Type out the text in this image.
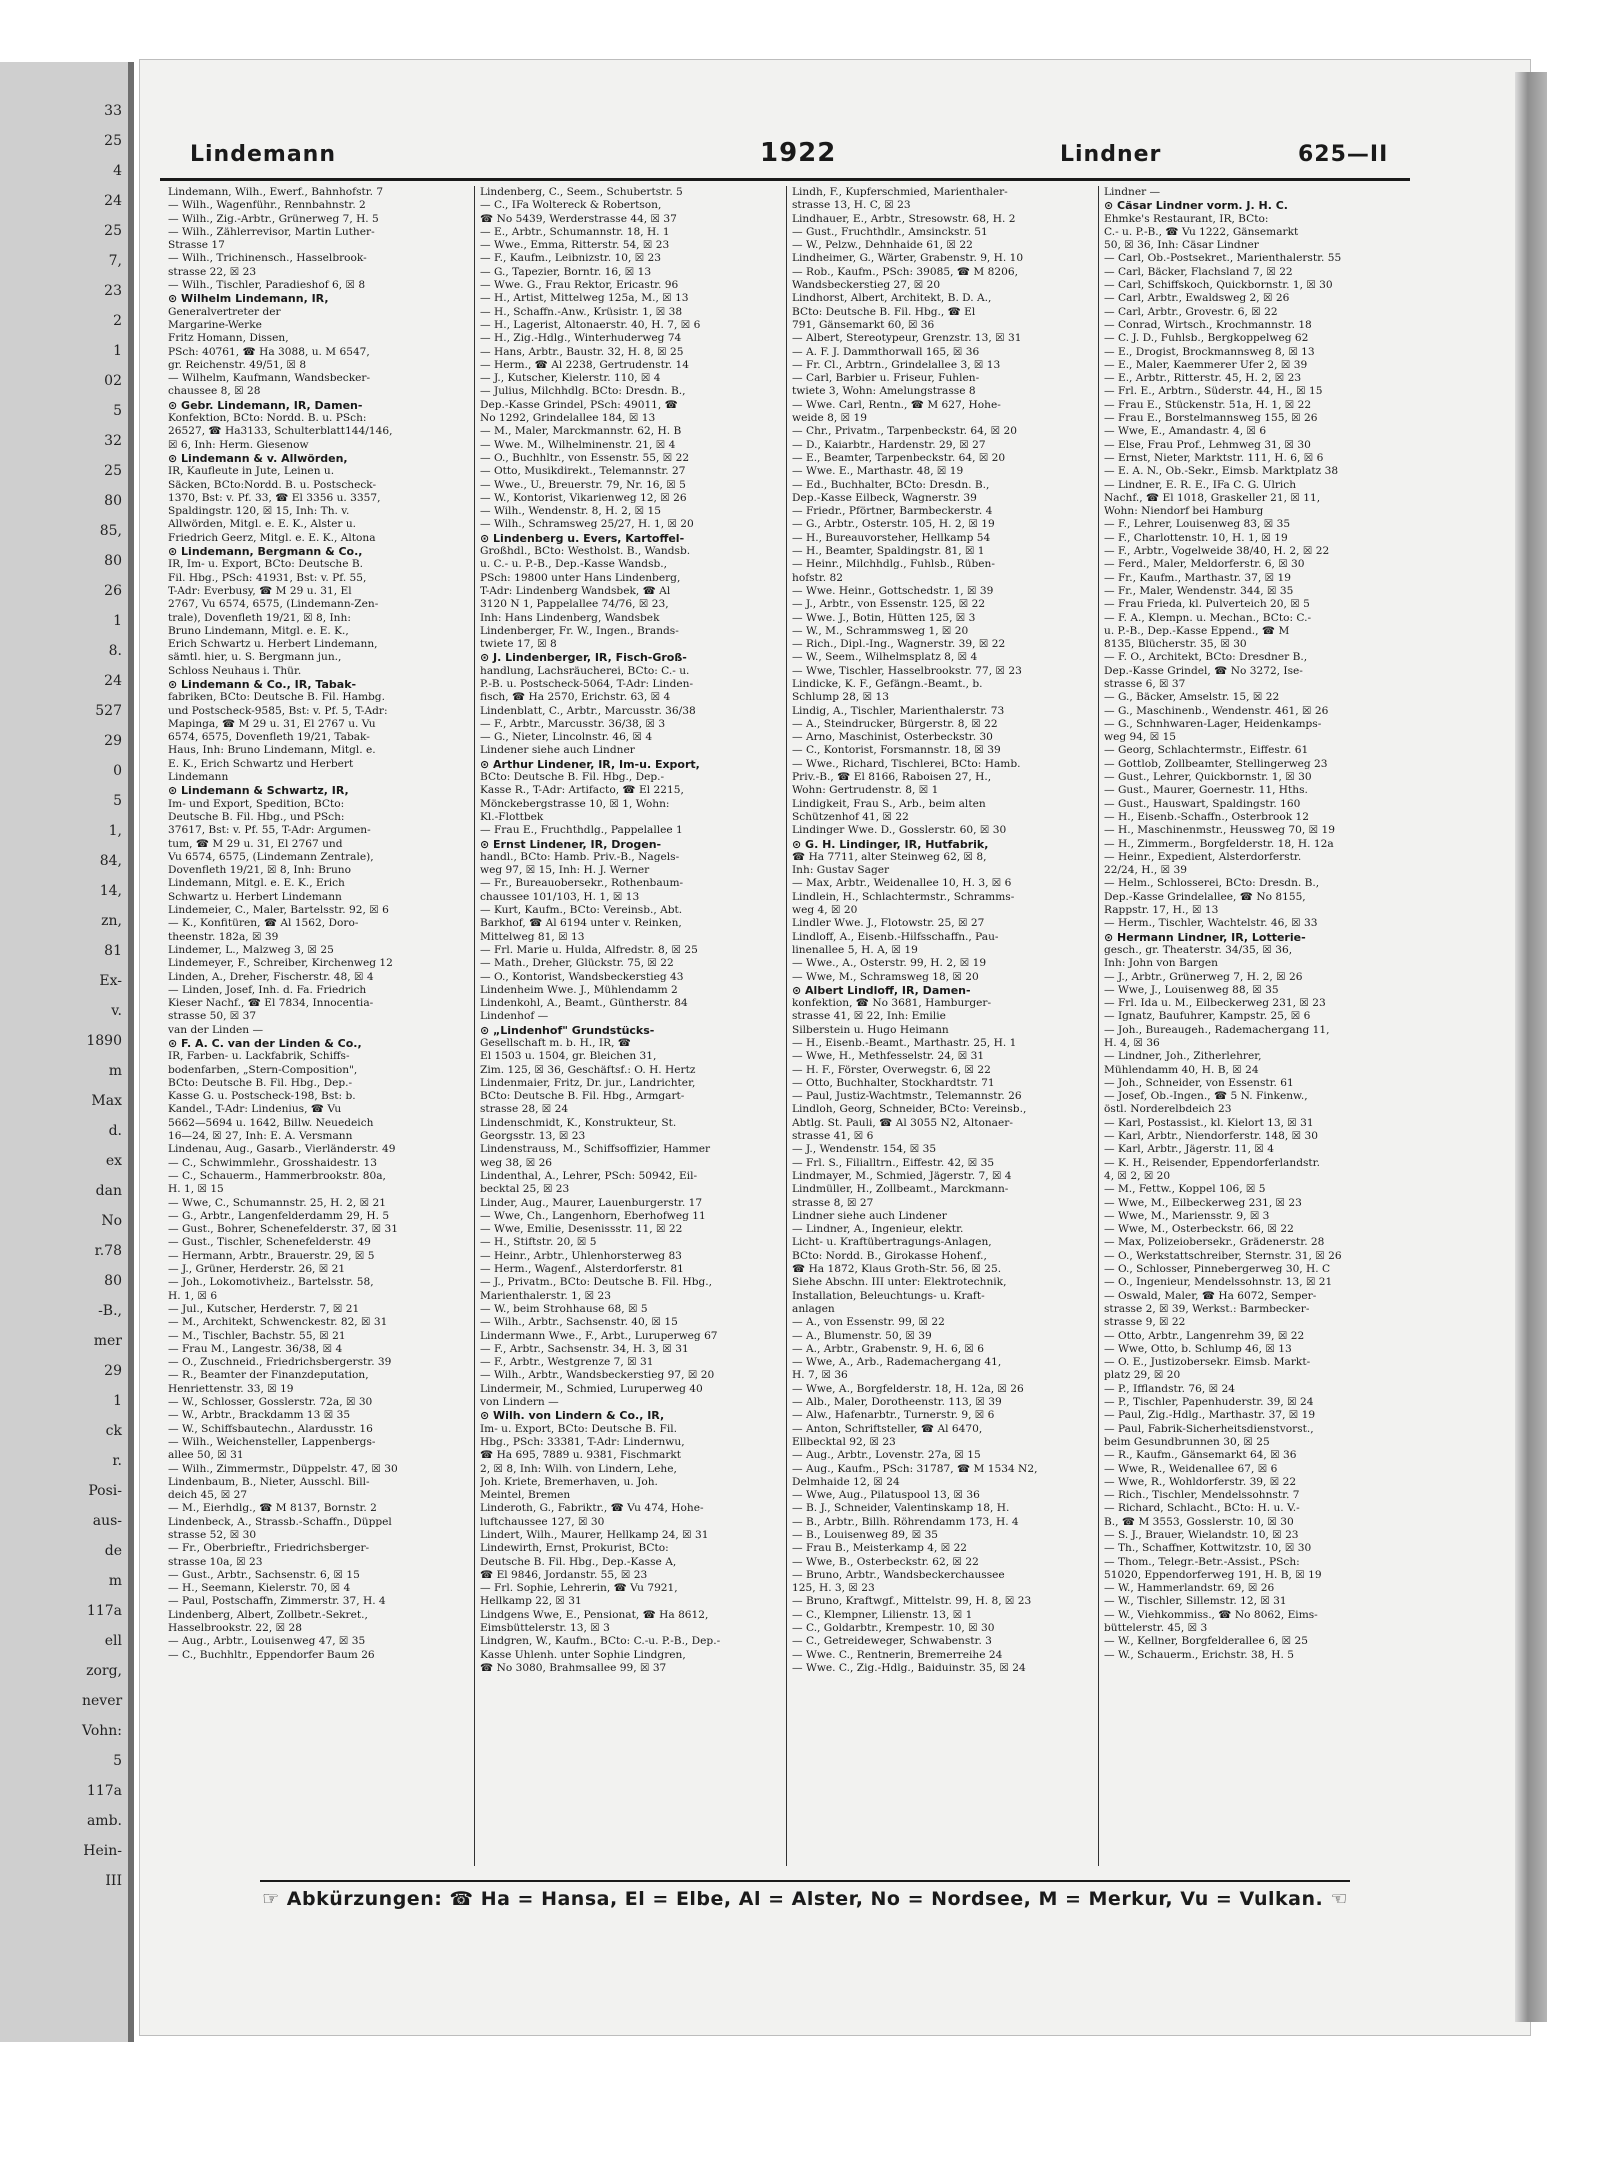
33
25
4
24
25
7,
23
2
1
02
5
32
25
80
85,
80
26
1
8.
24
527
29
0
5
1,
84,
14,
zn,
81
Ex-
v.
1890
m
Max
d.
ex
dan
No
r.78
80
-B.,
mer
29
1
ck
r.
Posi-
aus-
de
m
117a
ell
zorg,
never
Vohn:
5
117a
amb.
Hein-
III
Lindemann	1922	Lindner	625—II
Lindemann, Wilh., Ewerf., Bahnhofstr. 7
— Wilh., Wagenführ., Rennbahnstr. 2
— Wilh., Zig.-Arbtr., Grünerweg 7, H. 5
— Wilh., Zählerrevisor, Martin Luther-
Strasse 17
— Wilh., Trichinensch., Hasselbrook-
strasse 22, ☒ 23
— Wilh., Tischler, Paradieshof 6, ☒ 8
⊙ Wilhelm Lindemann, IR,
Generalvertreter der
Margarine-Werke
Fritz Homann, Dissen,
PSch: 40761, ☎ Ha 3088, u. M 6547,
gr. Reichenstr. 49/51, ☒ 8
— Wilhelm, Kaufmann, Wandsbecker-
chaussee 8, ☒ 28
⊙ Gebr. Lindemann, IR, Damen-
Konfektion, BCto: Nordd. B. u. PSch:
26527, ☎ Ha3133, Schulterblatt144/146,
☒ 6, Inh: Herm. Giesenow
⊙ Lindemann & v. Allwörden,
IR, Kaufleute in Jute, Leinen u.
Säcken, BCto:Nordd. B. u. Postscheck-
1370, Bst: v. Pf. 33, ☎ El 3356 u. 3357,
Spaldingstr. 120, ☒ 15, Inh: Th. v.
Allwörden, Mitgl. e. E. K., Alster u.
Friedrich Geerz, Mitgl. e. E. K., Altona
⊙ Lindemann, Bergmann & Co.,
IR, Im- u. Export, BCto: Deutsche B.
Fil. Hbg., PSch: 41931, Bst: v. Pf. 55,
T-Adr: Everbusy, ☎ M 29 u. 31, El
2767, Vu 6574, 6575, (Lindemann-Zen-
trale), Dovenfleth 19/21, ☒ 8, Inh:
Bruno Lindemann, Mitgl. e. E. K.,
Erich Schwartz u. Herbert Lindemann,
sämtl. hier, u. S. Bergmann jun.,
Schloss Neuhaus i. Thür.
⊙ Lindemann & Co., IR, Tabak-
fabriken, BCto: Deutsche B. Fil. Hambg.
und Postscheck-9585, Bst: v. Pf. 5, T-Adr:
Mapinga, ☎ M 29 u. 31, El 2767 u. Vu
6574, 6575, Dovenfleth 19/21, Tabak-
Haus, Inh: Bruno Lindemann, Mitgl. e.
E. K., Erich Schwartz und Herbert
Lindemann
⊙ Lindemann & Schwartz, IR,
Im- und Export, Spedition, BCto:
Deutsche B. Fil. Hbg., und PSch:
37617, Bst: v. Pf. 55, T-Adr: Argumen-
tum, ☎ M 29 u. 31, El 2767 und
Vu 6574, 6575, (Lindemann Zentrale),
Dovenfleth 19/21, ☒ 8, Inh: Bruno
Lindemann, Mitgl. e. E. K., Erich
Schwartz u. Herbert Lindemann
Lindemeier, C., Maler, Bartelsstr. 92, ☒ 6
— K., Konfitüren, ☎ Al 1562, Doro-
theenstr. 182a, ☒ 39
Lindemer, L., Malzweg 3, ☒ 25
Lindemeyer, F., Schreiber, Kirchenweg 12
Linden, A., Dreher, Fischerstr. 48, ☒ 4
— Linden, Josef, Inh. d. Fa. Friedrich
Kieser Nachf., ☎ El 7834, Innocentia-
strasse 50, ☒ 37
van der Linden —
⊙ F. A. C. van der Linden & Co.,
IR, Farben- u. Lackfabrik, Schiffs-
bodenfarben, „Stern-Composition",
BCto: Deutsche B. Fil. Hbg., Dep.-
Kasse G. u. Postscheck-198, Bst: b.
Kandel., T-Adr: Lindenius, ☎ Vu
5662—5694 u. 1642, Billw. Neuedeich
16—24, ☒ 27, Inh: E. A. Versmann
Lindenau, Aug., Gasarb., Vierländerstr. 49
— C., Schwimmlehr., Grosshaidestr. 13
— C., Schauerm., Hammerbrookstr. 80a,
H. 1, ☒ 15
— Wwe, C., Schumannstr. 25, H. 2, ☒ 21
— G., Arbtr., Langenfelderdamm 29, H. 5
— Gust., Bohrer, Schenefelderstr. 37, ☒ 31
— Gust., Tischler, Schenefelderstr. 49
— Hermann, Arbtr., Brauerstr. 29, ☒ 5
— J., Grüner, Herderstr. 26, ☒ 21
— Joh., Lokomotivheiz., Bartelsstr. 58,
H. 1, ☒ 6
— Jul., Kutscher, Herderstr. 7, ☒ 21
— M., Architekt, Schwenckestr. 82, ☒ 31
— M., Tischler, Bachstr. 55, ☒ 21
— Frau M., Langestr. 36/38, ☒ 4
— O., Zuschneid., Friedrichsbergerstr. 39
— R., Beamter der Finanzdeputation,
Henriettenstr. 33, ☒ 19
— W., Schlosser, Gosslerstr. 72a, ☒ 30
— W., Arbtr., Brackdamm 13 ☒ 35
— W., Schiffsbautechn., Alardusstr. 16
— Wilh., Weichensteller, Lappenbergs-
allee 50, ☒ 31
— Wilh., Zimmermstr., Düppelstr. 47, ☒ 30
Lindenbaum, B., Nieter, Ausschl. Bill-
deich 45, ☒ 27
— M., Eierhdlg., ☎ M 8137, Bornstr. 2
Lindenbeck, A., Strassb.-Schaffn., Düppel
strasse 52, ☒ 30
— Fr., Oberbrieftr., Friedrichsberger-
strasse 10a, ☒ 23
— Gust., Arbtr., Sachsenstr. 6, ☒ 15
— H., Seemann, Kielerstr. 70, ☒ 4
— Paul, Postschaffn, Zimmerstr. 37, H. 4
Lindenberg, Albert, Zollbetr.-Sekret.,
Hasselbrookstr. 22, ☒ 28
— Aug., Arbtr., Louisenweg 47, ☒ 35
— C., Buchhltr., Eppendorfer Baum 26
Lindenberg, C., Seem., Schubertstr. 5
— C., IFa Woltereck & Robertson,
☎ No 5439, Werderstrasse 44, ☒ 37
— E., Arbtr., Schumannstr. 18, H. 1
— Wwe., Emma, Ritterstr. 54, ☒ 23
— F., Kaufm., Leibnizstr. 10, ☒ 23
— G., Tapezier, Borntr. 16, ☒ 13
— Wwe. G., Frau Rektor, Ericastr. 96
— H., Artist, Mittelweg 125a, M., ☒ 13
— H., Schaffn.-Anw., Krüsistr. 1, ☒ 38
— H., Lagerist, Altonaerstr. 40, H. 7, ☒ 6
— H., Zig.-Hdlg., Winterhuderweg 74
— Hans, Arbtr., Baustr. 32, H. 8, ☒ 25
— Herm., ☎ Al 2238, Gertrudenstr. 14
— J., Kutscher, Kielerstr. 110, ☒ 4
— Julius, Milchhdlg. BCto: Dresdn. B.,
Dep.-Kasse Grindel, PSch: 49011, ☎
No 1292, Grindelallee 184, ☒ 13
— M., Maler, Marckmannstr. 62, H. B
— Wwe. M., Wilhelminenstr. 21, ☒ 4
— O., Buchhltr., von Essenstr. 55, ☒ 22
— Otto, Musikdirekt., Telemannstr. 27
— Wwe., U., Breuerstr. 79, Nr. 16, ☒ 5
— W., Kontorist, Vikarienweg 12, ☒ 26
— Wilh., Wendenstr. 8, H. 2, ☒ 15
— Wilh., Schramsweg 25/27, H. 1, ☒ 20
⊙ Lindenberg u. Evers, Kartoffel-
Großhdl., BCto: Westholst. B., Wandsb.
u. C.- u. P.-B., Dep.-Kasse Wandsb.,
PSch: 19800 unter Hans Lindenberg,
T-Adr: Lindenberg Wandsbek, ☎ Al
3120 N 1, Pappelallee 74/76, ☒ 23,
Inh: Hans Lindenberg, Wandsbek
Lindenberger, Fr. W., Ingen., Brands-
twiete 17, ☒ 8
⊙ J. Lindenberger, IR, Fisch-Groß-
handlung, Lachsräucherei, BCto: C.- u.
P.-B. u. Postscheck-5064, T-Adr: Linden-
fisch, ☎ Ha 2570, Erichstr. 63, ☒ 4
Lindenblatt, C., Arbtr., Marcusstr. 36/38
— F., Arbtr., Marcusstr. 36/38, ☒ 3
— G., Nieter, Lincolnstr. 46, ☒ 4
Lindener siehe auch Lindner
⊙ Arthur Lindener, IR, Im-u. Export,
BCto: Deutsche B. Fil. Hbg., Dep.-
Kasse R., T-Adr: Artifacto, ☎ El 2215,
Mönckebergstrasse 10, ☒ 1, Wohn:
Kl.-Flottbek
— Frau E., Fruchthdlg., Pappelallee 1
⊙ Ernst Lindener, IR, Drogen-
handl., BCto: Hamb. Priv.-B., Nagels-
weg 97, ☒ 15, Inh: H. J. Werner
— Fr., Bureauobersekr., Rothenbaum-
chaussee 101/103, H. 1, ☒ 13
— Kurt, Kaufm., BCto: Vereinsb., Abt.
Barkhof, ☎ Al 6194 unter v. Reinken,
Mittelweg 81, ☒ 13
— Frl. Marie u. Hulda, Alfredstr. 8, ☒ 25
— Math., Dreher, Glückstr. 75, ☒ 22
— O., Kontorist, Wandsbeckerstieg 43
Lindenheim Wwe. J., Mühlendamm 2
Lindenkohl, A., Beamt., Güntherstr. 84
Lindenhof —
⊙ „Lindenhof" Grundstücks-
Gesellschaft m. b. H., IR, ☎
El 1503 u. 1504, gr. Bleichen 31,
Zim. 125, ☒ 36, Geschäftsf.: O. H. Hertz
Lindenmaier, Fritz, Dr. jur., Landrichter,
BCto: Deutsche B. Fil. Hbg., Armgart-
strasse 28, ☒ 24
Lindenschmidt, K., Konstrukteur, St.
Georgsstr. 13, ☒ 23
Lindenstrauss, M., Schiffsoffizier, Hammer
weg 38, ☒ 26
Lindenthal, A., Lehrer, PSch: 50942, Eil-
becktal 25, ☒ 23
Linder, Aug., Maurer, Lauenburgerstr. 17
— Wwe, Ch., Langenhorn, Eberhofweg 11
— Wwe, Emilie, Desenissstr. 11, ☒ 22
— H., Stiftstr. 20, ☒ 5
— Heinr., Arbtr., Uhlenhorsterweg 83
— Herm., Wagenf., Alsterdorferstr. 81
— J., Privatm., BCto: Deutsche B. Fil. Hbg.,
Marienthalerstr. 1, ☒ 23
— W., beim Strohhause 68, ☒ 5
— Wilh., Arbtr., Sachsenstr. 40, ☒ 15
Lindermann Wwe., F., Arbt., Luruperweg 67
— F., Arbtr., Sachsenstr. 34, H. 3, ☒ 31
— F., Arbtr., Westgrenze 7, ☒ 31
— Wilh., Arbtr., Wandsbeckerstieg 97, ☒ 20
Lindermeir, M., Schmied, Luruperweg 40
von Lindern —
⊙ Wilh. von Lindern & Co., IR,
Im- u. Export, BCto: Deutsche B. Fil.
Hbg., PSch: 33381, T-Adr: Lindernwu,
☎ Ha 695, 7889 u. 9381, Fischmarkt
2, ☒ 8, Inh: Wilh. von Lindern, Lehe,
Joh. Kriete, Bremerhaven, u. Joh.
Meintel, Bremen
Linderoth, G., Fabriktr., ☎ Vu 474, Hohe-
luftchaussee 127, ☒ 30
Lindert, Wilh., Maurer, Hellkamp 24, ☒ 31
Lindewirth, Ernst, Prokurist, BCto:
Deutsche B. Fil. Hbg., Dep.-Kasse A,
☎ El 9846, Jordanstr. 55, ☒ 23
— Frl. Sophie, Lehrerin, ☎ Vu 7921,
Hellkamp 22, ☒ 31
Lindgens Wwe, E., Pensionat, ☎ Ha 8612,
Eimsbüttelerstr. 13, ☒ 3
Lindgren, W., Kaufm., BCto: C.-u. P.-B., Dep.-
Kasse Uhlenh. unter Sophie Lindgren,
☎ No 3080, Brahmsallee 99, ☒ 37
Lindh, F., Kupferschmied, Marienthaler-
strasse 13, H. C, ☒ 23
Lindhauer, E., Arbtr., Stresowstr. 68, H. 2
— Gust., Fruchthdlr., Amsinckstr. 51
— W., Pelzw., Dehnhaide 61, ☒ 22
Lindheimer, G., Wärter, Grabenstr. 9, H. 10
— Rob., Kaufm., PSch: 39085, ☎ M 8206,
Wandsbeckerstieg 27, ☒ 20
Lindhorst, Albert, Architekt, B. D. A.,
BCto: Deutsche B. Fil. Hbg., ☎ El
791, Gänsemarkt 60, ☒ 36
— Albert, Stereotypeur, Grenzstr. 13, ☒ 31
— A. F. J. Dammthorwall 165, ☒ 36
— Fr. Cl., Arbtrn., Grindelallee 3, ☒ 13
— Carl, Barbier u. Friseur, Fuhlen-
twiete 3, Wohn: Amelungstrasse 8
— Wwe. Carl, Rentn., ☎ M 627, Hohe-
weide 8, ☒ 19
— Chr., Privatm., Tarpenbeckstr. 64, ☒ 20
— D., Kaiarbtr., Hardenstr. 29, ☒ 27
— E., Beamter, Tarpenbeckstr. 64, ☒ 20
— Wwe. E., Marthastr. 48, ☒ 19
— Ed., Buchhalter, BCto: Dresdn. B.,
Dep.-Kasse Eilbeck, Wagnerstr. 39
— Friedr., Pförtner, Barmbeckerstr. 4
— G., Arbtr., Osterstr. 105, H. 2, ☒ 19
— H., Bureauvorsteher, Hellkamp 54
— H., Beamter, Spaldingstr. 81, ☒ 1
— Heinr., Milchhdlg., Fuhlsb., Rüben-
hofstr. 82
— Wwe. Heinr., Gottschedstr. 1, ☒ 39
— J., Arbtr., von Essenstr. 125, ☒ 22
— Wwe. J., Botin, Hütten 125, ☒ 3
— W., M., Schrammsweg 1, ☒ 20
— Rich., Dipl.-Ing., Wagnerstr. 39, ☒ 22
— W., Seem., Wilhelmsplatz 8, ☒ 4
— Wwe, Tischler, Hasselbrookstr. 77, ☒ 23
Lindicke, K. F., Gefängn.-Beamt., b.
Schlump 28, ☒ 13
Lindig, A., Tischler, Marienthalerstr. 73
— A., Steindrucker, Bürgerstr. 8, ☒ 22
— Arno, Maschinist, Osterbeckstr. 30
— C., Kontorist, Forsmannstr. 18, ☒ 39
— Wwe., Richard, Tischlerei, BCto: Hamb.
Priv.-B., ☎ El 8166, Raboisen 27, H.,
Wohn: Gertrudenstr. 8, ☒ 1
Lindigkeit, Frau S., Arb., beim alten
Schützenhof 41, ☒ 22
Lindinger Wwe. D., Gosslerstr. 60, ☒ 30
⊙ G. H. Lindinger, IR, Hutfabrik,
☎ Ha 7711, alter Steinweg 62, ☒ 8,
Inh: Gustav Sager
— Max, Arbtr., Weidenallee 10, H. 3, ☒ 6
Lindlein, H., Schlachtermstr., Schramms-
weg 4, ☒ 20
Lindler Wwe. J., Flotowstr. 25, ☒ 27
Lindloff, A., Eisenb.-Hilfsschaffn., Pau-
linenallee 5, H. A, ☒ 19
— Wwe., A., Osterstr. 99, H. 2, ☒ 19
— Wwe, M., Schramsweg 18, ☒ 20
⊙ Albert Lindloff, IR, Damen-
konfektion, ☎ No 3681, Hamburger-
strasse 41, ☒ 22, Inh: Emilie
Silberstein u. Hugo Heimann
— H., Eisenb.-Beamt., Marthastr. 25, H. 1
— Wwe, H., Methfesselstr. 24, ☒ 31
— H. F., Förster, Overwegstr. 6, ☒ 22
— Otto, Buchhalter, Stockhardtstr. 71
— Paul, Justiz-Wachtmstr., Telemannstr. 26
Lindloh, Georg, Schneider, BCto: Vereinsb.,
Abtlg. St. Pauli, ☎ Al 3055 N2, Altonaer-
strasse 41, ☒ 6
— J., Wendenstr. 154, ☒ 35
— Frl. S., Filialltrn., Eiffestr. 42, ☒ 35
Lindmayer, M., Schmied, Jägerstr. 7, ☒ 4
Lindmüller, H., Zollbeamt., Marckmann-
strasse 8, ☒ 27
Lindner siehe auch Lindener
— Lindner, A., Ingenieur, elektr.
Licht- u. Kraftübertragungs-Anlagen,
BCto: Nordd. B., Girokasse Hohenf.,
☎ Ha 1872, Klaus Groth-Str. 56, ☒ 25.
Siehe Abschn. III unter: Elektrotechnik,
Installation, Beleuchtungs- u. Kraft-
anlagen
— A., von Essenstr. 99, ☒ 22
— A., Blumenstr. 50, ☒ 39
— A., Arbtr., Grabenstr. 9, H. 6, ☒ 6
— Wwe, A., Arb., Rademachergang 41,
H. 7, ☒ 36
— Wwe, A., Borgfelderstr. 18, H. 12a, ☒ 26
— Alb., Maler, Dorotheenstr. 113, ☒ 39
— Alw., Hafenarbtr., Turnerstr. 9, ☒ 6
— Anton, Schriftsteller, ☎ Al 6470,
Ellbecktal 92, ☒ 23
— Aug., Arbtr., Lovenstr. 27a, ☒ 15
— Aug., Kaufm., PSch: 31787, ☎ M 1534 N2,
Delmhaide 12, ☒ 24
— Wwe, Aug., Pilatuspool 13, ☒ 36
— B. J., Schneider, Valentinskamp 18, H.
— B., Arbtr., Billh. Röhrendamm 173, H. 4
— B., Louisenweg 89, ☒ 35
— Frau B., Meisterkamp 4, ☒ 22
— Wwe, B., Osterbeckstr. 62, ☒ 22
— Bruno, Arbtr., Wandsbeckerchaussee
125, H. 3, ☒ 23
— Bruno, Kraftwgf., Mittelstr. 99, H. 8, ☒ 23
— C., Klempner, Lilienstr. 13, ☒ 1
— C., Goldarbtr., Krempestr. 10, ☒ 30
— C., Getreideweger, Schwabenstr. 3
— Wwe. C., Rentnerin, Bremerreihe 24
— Wwe. C., Zig.-Hdlg., Baiduinstr. 35, ☒ 24
Lindner —
⊙ Cäsar Lindner vorm. J. H. C.
Ehmke's Restaurant, IR, BCto:
C.- u. P.-B., ☎ Vu 1222, Gänsemarkt
50, ☒ 36, Inh: Cäsar Lindner
— Carl, Ob.-Postsekret., Marienthalerstr. 55
— Carl, Bäcker, Flachsland 7, ☒ 22
— Carl, Schiffskoch, Quickbornstr. 1, ☒ 30
— Carl, Arbtr., Ewaldsweg 2, ☒ 26
— Carl, Arbtr., Grovestr. 6, ☒ 22
— Conrad, Wirtsch., Krochmannstr. 18
— C. J. D., Fuhlsb., Bergkoppelweg 62
— E., Drogist, Brockmannsweg 8, ☒ 13
— E., Maler, Kaemmerer Ufer 2, ☒ 39
— E., Arbtr., Ritterstr. 45, H. 2, ☒ 23
— Frl. E., Arbtrn., Süderstr. 44, H., ☒ 15
— Frau E., Stückenstr. 51a, H. 1, ☒ 22
— Frau E., Borstelmannsweg 155, ☒ 26
— Wwe, E., Amandastr. 4, ☒ 6
— Else, Frau Prof., Lehmweg 31, ☒ 30
— Ernst, Nieter, Marktstr. 111, H. 6, ☒ 6
— E. A. N., Ob.-Sekr., Eimsb. Marktplatz 38
— Lindner, E. R. E., IFa C. G. Ulrich
Nachf., ☎ El 1018, Graskeller 21, ☒ 11,
Wohn: Niendorf bei Hamburg
— F., Lehrer, Louisenweg 83, ☒ 35
— F., Charlottenstr. 10, H. 1, ☒ 19
— F., Arbtr., Vogelweide 38/40, H. 2, ☒ 22
— Ferd., Maler, Meldorferstr. 6, ☒ 30
— Fr., Kaufm., Marthastr. 37, ☒ 19
— Fr., Maler, Wendenstr. 344, ☒ 35
— Frau Frieda, kl. Pulverteich 20, ☒ 5
— F. A., Klempn. u. Mechan., BCto: C.-
u. P.-B., Dep.-Kasse Eppend., ☎ M
8135, Blücherstr. 35, ☒ 30
— F. O., Architekt, BCto: Dresdner B.,
Dep.-Kasse Grindel, ☎ No 3272, Ise-
strasse 6, ☒ 37
— G., Bäcker, Amselstr. 15, ☒ 22
— G., Maschinenb., Wendenstr. 461, ☒ 26
— G., Schnhwaren-Lager, Heidenkamps-
weg 94, ☒ 15
— Georg, Schlachtermstr., Eiffestr. 61
— Gottlob, Zollbeamter, Stellingerweg 23
— Gust., Lehrer, Quickbornstr. 1, ☒ 30
— Gust., Maurer, Goernestr. 11, Hths.
— Gust., Hauswart, Spaldingstr. 160
— H., Eisenb.-Schaffn., Osterbrook 12
— H., Maschinenmstr., Heussweg 70, ☒ 19
— H., Zimmerm., Borgfelderstr. 18, H. 12a
— Heinr., Expedient, Alsterdorferstr.
22/24, H., ☒ 39
— Helm., Schlosserei, BCto: Dresdn. B.,
Dep.-Kasse Grindelallee, ☎ No 8155,
Rappstr. 17, H., ☒ 13
— Herm., Tischler, Wachtelstr. 46, ☒ 33
⊙ Hermann Lindner, IR, Lotterie-
gesch., gr. Theaterstr. 34/35, ☒ 36,
Inh: John von Bargen
— J., Arbtr., Grünerweg 7, H. 2, ☒ 26
— Wwe, J., Louisenweg 88, ☒ 35
— Frl. Ida u. M., Eilbeckerweg 231, ☒ 23
— Ignatz, Baufuhrer, Kampstr. 25, ☒ 6
— Joh., Bureaugeh., Rademachergang 11,
H. 4, ☒ 36
— Lindner, Joh., Zitherlehrer,
Mühlendamm 40, H. B, ☒ 24
— Joh., Schneider, von Essenstr. 61
— Josef, Ob.-Ingen., ☎ 5 N. Finkenw.,
östl. Norderelbdeich 23
— Karl, Postassist., kl. Kielort 13, ☒ 31
— Karl, Arbtr., Niendorferstr. 148, ☒ 30
— Karl, Arbtr., Jägerstr. 11, ☒ 4
— K. H., Reisender, Eppendorferlandstr.
4, ☒ 2, ☒ 20
— M., Fettw., Koppel 106, ☒ 5
— Wwe, M., Eilbeckerweg 231, ☒ 23
— Wwe, M., Mariensstr. 9, ☒ 3
— Wwe, M., Osterbeckstr. 66, ☒ 22
— Max, Polizeiobersekr., Grädenerstr. 28
— O., Werkstattschreiber, Sternstr. 31, ☒ 26
— O., Schlosser, Pinnebergerweg 30, H. C
— O., Ingenieur, Mendelssohnstr. 13, ☒ 21
— Oswald, Maler, ☎ Ha 6072, Semper-
strasse 2, ☒ 39, Werkst.: Barmbecker-
strasse 9, ☒ 22
— Otto, Arbtr., Langenrehm 39, ☒ 22
— Wwe, Otto, b. Schlump 46, ☒ 13
— O. E., Justizobersekr. Eimsb. Markt-
platz 29, ☒ 20
— P., Ifflandstr. 76, ☒ 24
— P., Tischler, Papenhuderstr. 39, ☒ 24
— Paul, Zig.-Hdlg., Marthastr. 37, ☒ 19
— Paul, Fabrik-Sicherheitsdienstvorst.,
beim Gesundbrunnen 30, ☒ 25
— R., Kaufm., Gänsemarkt 64, ☒ 36
— Wwe, R., Weidenallee 67, ☒ 6
— Wwe, R., Wohldorferstr. 39, ☒ 22
— Rich., Tischler, Mendelssohnstr. 7
— Richard, Schlacht., BCto: H. u. V.-
B., ☎ M 3553, Gosslerstr. 10, ☒ 30
— S. J., Brauer, Wielandstr. 10, ☒ 23
— Th., Schaffner, Kottwitzstr. 10, ☒ 30
— Thom., Telegr.-Betr.-Assist., PSch:
51020, Eppendorferweg 191, H. B, ☒ 19
— W., Hammerlandstr. 69, ☒ 26
— W., Tischler, Sillemstr. 12, ☒ 31
— W., Viehkommiss., ☎ No 8062, Eims-
büttelerstr. 45, ☒ 3
— W., Kellner, Borgfelderallee 6, ☒ 25
— W., Schauerm., Erichstr. 38, H. 5
☞ Abkürzungen: ☎ Ha = Hansa, El = Elbe, Al = Alster, No = Nordsee, M = Merkur, Vu = Vulkan. ☜
